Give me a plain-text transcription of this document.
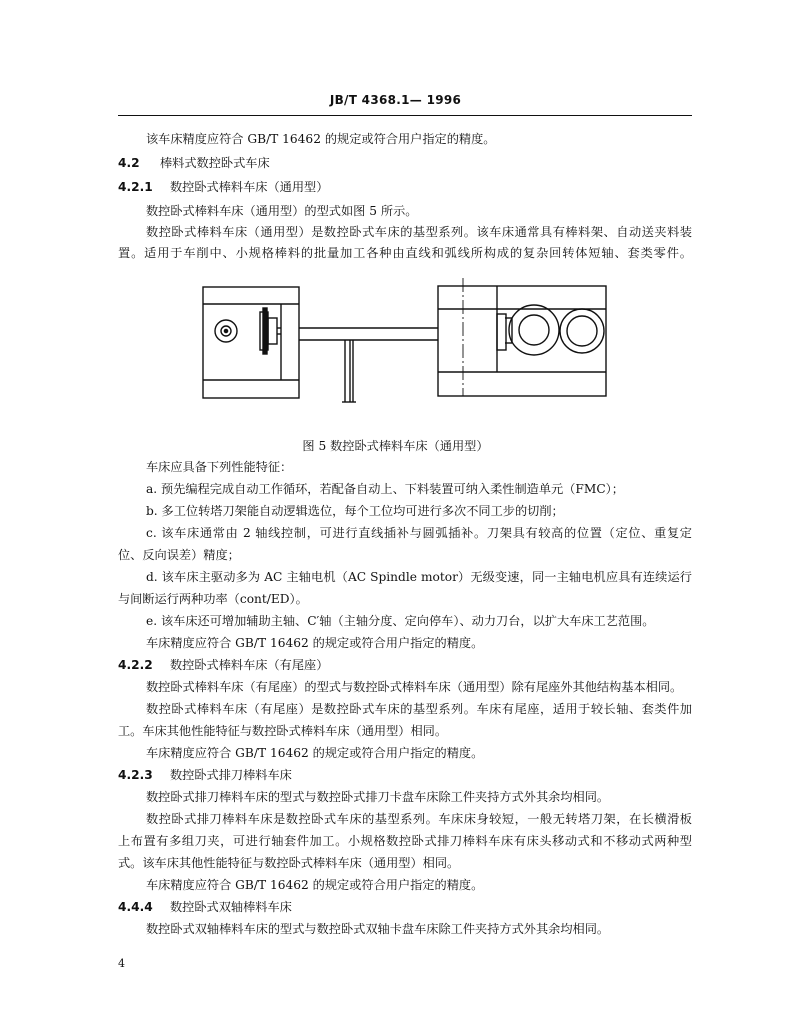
JB/T 4368.1— 1996
该车床精度应符合 GB/T 16462 的规定或符合用户指定的精度。
4.2 棒料式数控卧式车床
4.2.1 数控卧式棒料车床（通用型）
数控卧式棒料车床（通用型）的型式如图 5 所示。
数控卧式棒料车床（通用型）是数控卧式车床的基型系列。该车床通常具有棒料架、自动送夹料装
置。适用于车削中、小规格棒料的批量加工各种由直线和弧线所构成的复杂回转体短轴、套类零件。
图 5 数控卧式棒料车床（通用型）
车床应具备下列性能特征：
a. 预先编程完成自动工作循环，若配备自动上、下料装置可纳入柔性制造单元（FMC）；
b. 多工位转塔刀架能自动逻辑选位，每个工位均可进行多次不同工步的切削；
c. 该车床通常由 2 轴线控制，可进行直线插补与圆弧插补。刀架具有较高的位置（定位、重复定
位、反向误差）精度；
d. 该车床主驱动多为 AC 主轴电机（AC Spindle motor）无级变速，同一主轴电机应具有连续运行
与间断运行两种功率（cont/ED）。
e. 该车床还可增加辅助主轴、C′轴（主轴分度、定向停车）、动力刀台，以扩大车床工艺范围。
车床精度应符合 GB/T 16462 的规定或符合用户指定的精度。
4.2.2 数控卧式棒料车床（有尾座）
数控卧式棒料车床（有尾座）的型式与数控卧式棒料车床（通用型）除有尾座外其他结构基本相同。
数控卧式棒料车床（有尾座）是数控卧式车床的基型系列。车床有尾座，适用于较长轴、套类件加
工。车床其他性能特征与数控卧式棒料车床（通用型）相同。
车床精度应符合 GB/T 16462 的规定或符合用户指定的精度。
4.2.3 数控卧式排刀棒料车床
数控卧式排刀棒料车床的型式与数控卧式排刀卡盘车床除工件夹持方式外其余均相同。
数控卧式排刀棒料车床是数控卧式车床的基型系列。车床床身较短，一般无转塔刀架，在长横滑板
上布置有多组刀夹，可进行轴套件加工。小规格数控卧式排刀棒料车床有床头移动式和不移动式两种型
式。该车床其他性能特征与数控卧式棒料车床（通用型）相同。
车床精度应符合 GB/T 16462 的规定或符合用户指定的精度。
4.4.4 数控卧式双轴棒料车床
数控卧式双轴棒料车床的型式与数控卧式双轴卡盘车床除工件夹持方式外其余均相同。
4
